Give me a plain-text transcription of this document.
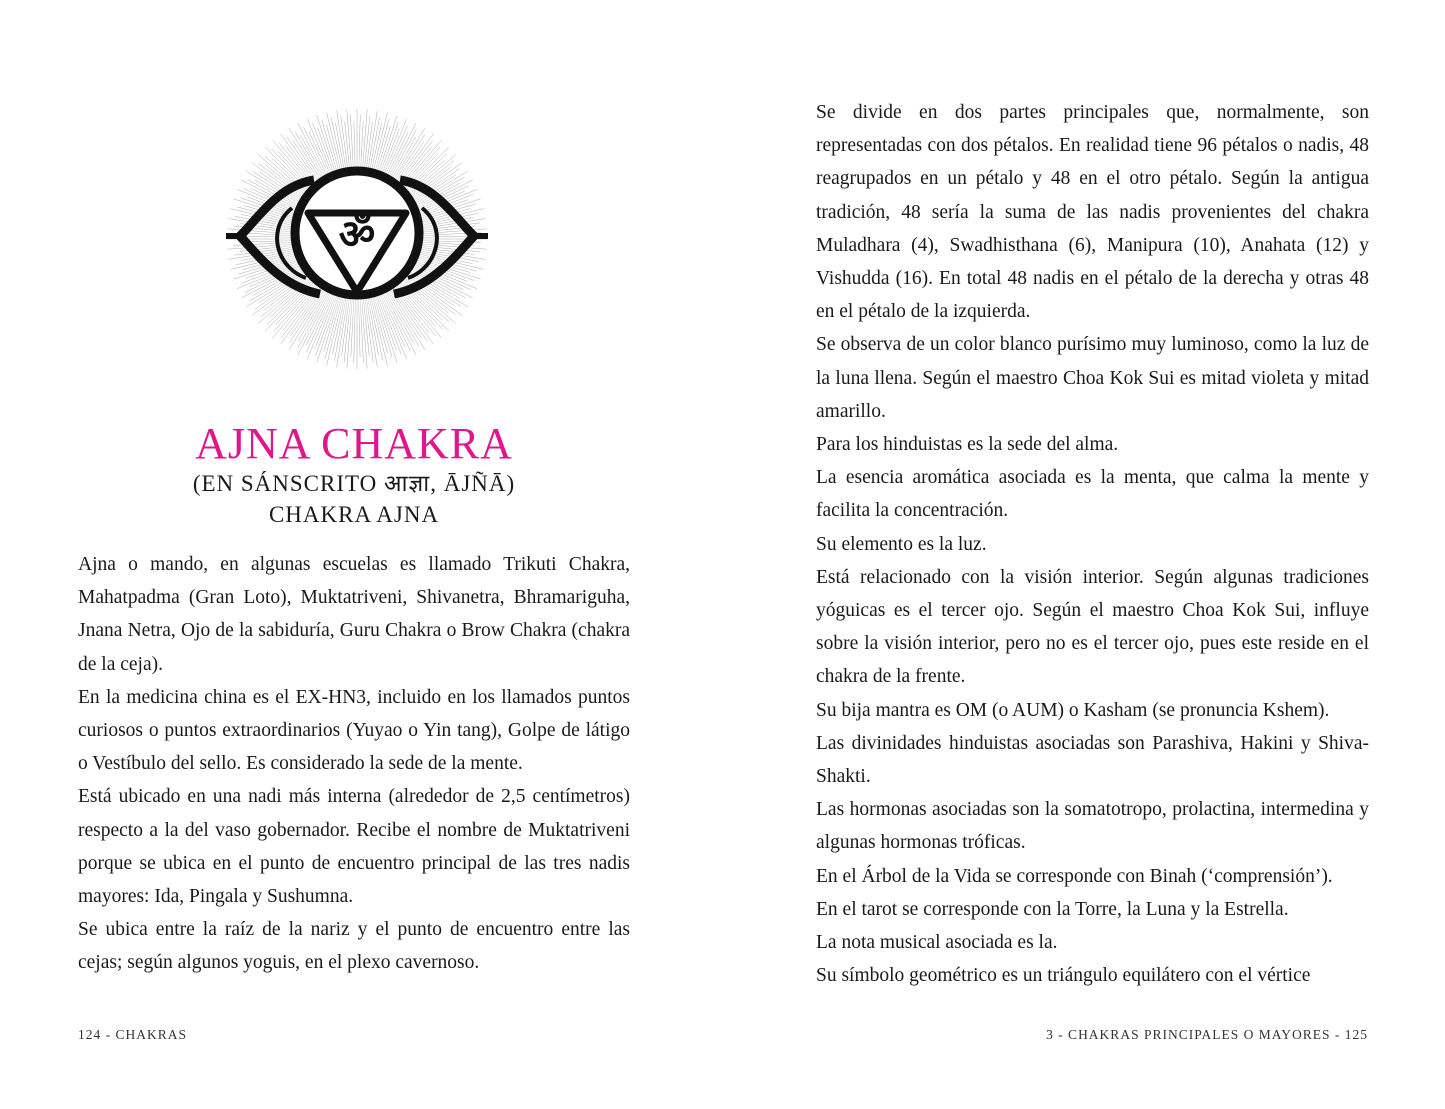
ॐ
AJNA CHAKRA

(EN SÁNSCRITO आज्ञा, ĀJÑĀ)

CHAKRA AJNA

Ajna o mando, en algunas escuelas es llamado Trikuti Chakra, Mahatpadma (Gran Loto), Muktatriveni, Shivanetra, Bhramariguha, Jnana Netra, Ojo de la sabiduría, Guru Chakra o Brow Chakra (chakra de la ceja).

En la medicina china es el EX-HN3, incluido en los llamados puntos curiosos o puntos extraordinarios (Yuyao o Yin tang), Golpe de látigo o Vestíbulo del sello. Es considerado la sede de la mente.

Está ubicado en una nadi más interna (alrededor de 2,5 centímetros) respecto a la del vaso gobernador. Recibe el nombre de Muktatriveni porque se ubica en el punto de encuentro principal de las tres nadis mayores: Ida, Pingala y Sushumna.

Se ubica entre la raíz de la nariz y el punto de encuentro entre las cejas; según algunos yoguis, en el plexo cavernoso.

124 - CHAKRAS

Se divide en dos partes principales que, normalmente, son representadas con dos pétalos. En realidad tiene 96 pétalos o nadis, 48 reagrupados en un pétalo y 48 en el otro pétalo. Según la antigua tradición, 48 sería la suma de las nadis provenientes del chakra Muladhara (4), Swadhisthana (6), Manipura (10), Anahata (12) y Vishudda (16). En total 48 nadis en el pétalo de la derecha y otras 48 en el pétalo de la izquierda.

Se observa de un color blanco purísimo muy luminoso, como la luz de la luna llena. Según el maestro Choa Kok Sui es mitad violeta y mitad amarillo.

Para los hinduistas es la sede del alma.

La esencia aromática asociada es la menta, que calma la mente y facilita la concentración.

Su elemento es la luz.

Está relacionado con la visión interior. Según algunas tradiciones yóguicas es el tercer ojo. Según el maestro Choa Kok Sui, influye sobre la visión interior, pero no es el tercer ojo, pues este reside en el chakra de la frente.

Su bija mantra es OM (o AUM) o Kasham (se pronuncia Kshem).

Las divinidades hinduistas asociadas son Parashiva, Hakini y Shiva-Shakti.

Las hormonas asociadas son la somatotropo, prolactina, intermedina y algunas hormonas tróficas.

En el Árbol de la Vida se corresponde con Binah (‘comprensión’).

En el tarot se corresponde con la Torre, la Luna y la Estrella.

La nota musical asociada es la.

Su símbolo geométrico es un triángulo equilátero con el vértice

3 - CHAKRAS PRINCIPALES O MAYORES - 125
